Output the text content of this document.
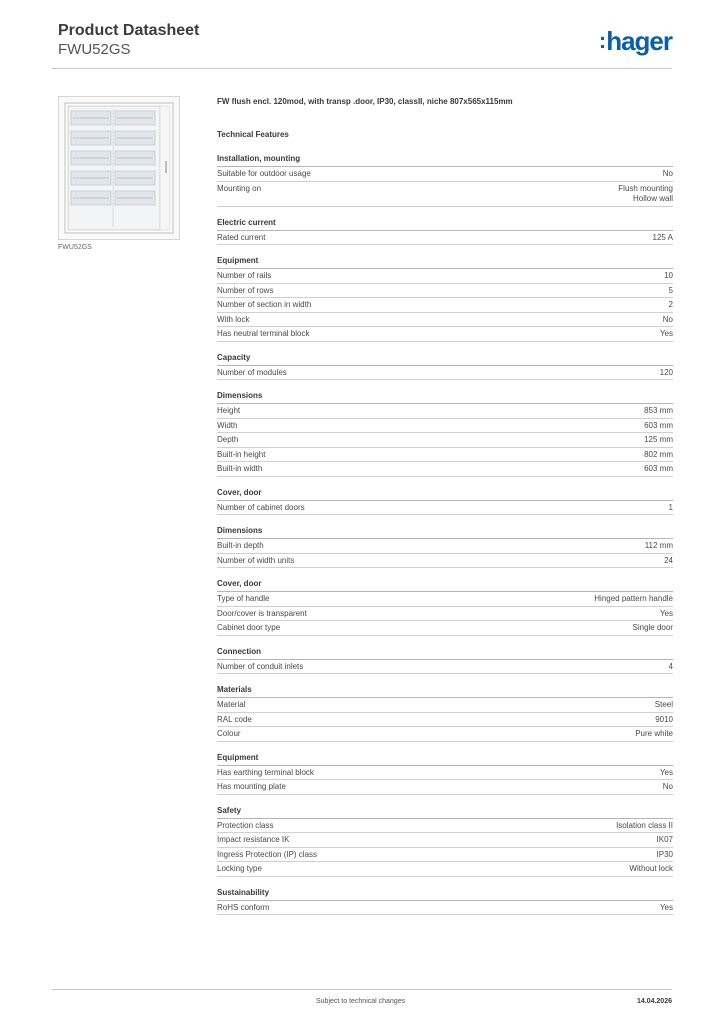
Product Datasheet
FWU52GS	:hager
FWU52GS
FW flush encl. 120mod, with transp .door, IP30, classII, niche 807x565x115mm
Technical Features
Installation, mounting
Suitable for outdoor usage	No
Mounting on	Flush mounting
Hollow wall
Electric current
Rated current	125 A
Equipment
Number of rails	10
Number of rows	5
Number of section in width	2
With lock	No
Has neutral terminal block	Yes
Capacity
Number of modules	120
Dimensions
Height	853 mm
Width	603 mm
Depth	125 mm
Built-in height	802 mm
Built-in width	603 mm
Cover, door
Number of cabinet doors	1
Dimensions
Built-in depth	112 mm
Number of width units	24
Cover, door
Type of handle	Hinged pattern handle
Door/cover is transparent	Yes
Cabinet door type	Single door
Connection
Number of conduit inlets	4
Materials
Material	Steel
RAL code	9010
Colour	Pure white
Equipment
Has earthing terminal block	Yes
Has mounting plate	No
Safety
Protection class	Isolation class II
Impact resistance IK	IK07
Ingress Protection (IP) class	IP30
Locking type	Without lock
Sustainability
RoHS conform	Yes
Subject to technical changes	14.04.2026
